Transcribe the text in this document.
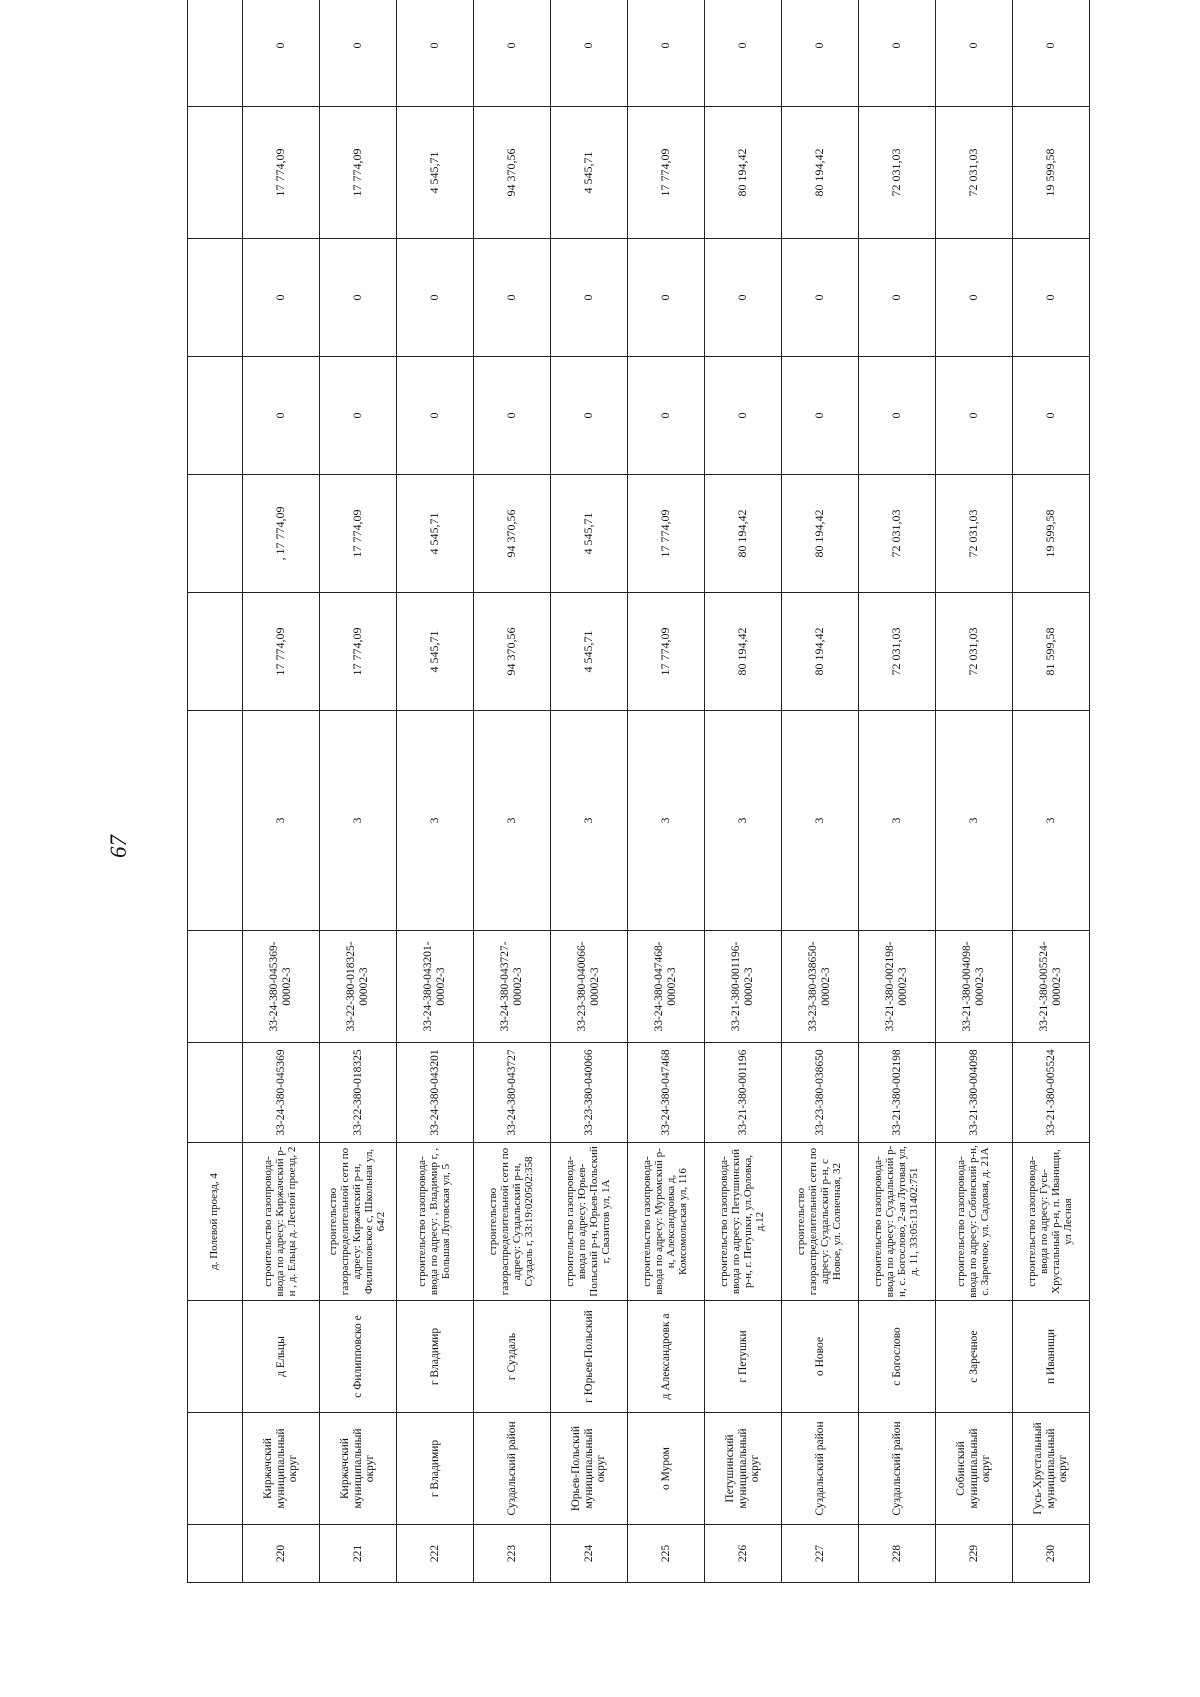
67
			д. Полевой проезд, 4									
220	Киржачский муниципальный округ	д Ельцы	строительство газопровода-ввода по адресу: Киржачский р-н , д. Ельцы д. Лесной проезд, 2	33-24-380-045369	33-24-380-045369-00002-3	3	17 774,09	, 17 774,09	0	0	17 774,09	0
221	Киржачский муниципальный округ	с Филипповско е	строительство газораспределительной сети по адресу: Киржачский р-н, Филипповское с, Школьная ул, 64/2	33-22-380-018325	33-22-380-018325-00002-3	3	17 774,09	17 774,09	0	0	17 774,09	0
222	г Владимир	г Владимир	строительство газопровода-ввода по адресу: , Владимир г, , Большая Луговская ул, 5	33-24-380-043201	33-24-380-043201-00002-3	3	4 545,71	4 545,71	0	0	4 545,71	0
223	Суздальский район	г Суздаль	строительство газораспределительной сети по адресу: Суздальский р-н, Суздаль г, 33:19:020502:358	33-24-380-043727	33-24-380-043727-00002-3	3	94 370,56	94 370,56	0	0	94 370,56	0
224	Юрьев-Польский муниципальный округ	г Юрьев-Польский	строительство газопровода-ввода по адресу: Юрьев-Польский р-н, Юрьев-Польский г, Свазитов ул, 1А	33-23-380-040066	33-23-380-040066-00002-3	3	4 545,71	4 545,71	0	0	4 545,71	0
225	о Муром	д Александровк а	строительство газопровода-ввода по адресу: Муромский р-н, Александровка д, Комсомольская ул, 116	33-24-380-047468	33-24-380-047468-00002-3	3	17 774,09	17 774,09	0	0	17 774,09	0
226	Петушинский муниципальный округ	г Петушки	строительство газопровода-ввода по адресу: Петушинский р-н, г. Петушки, ул.Орловка, д.12	33-21-380-001196	33-21-380-001196-00002-3	3	80 194,42	80 194,42	0	0	80 194,42	0
227	Суздальский район	о Новое	строительство газораспределительной сети по адресу: Суздальский р-н, с Новое, ул. Солнечная, 32	33-23-380-038650	33-23-380-038650-00002-3	3	80 194,42	80 194,42	0	0	80 194,42	0
228	Суздальский район	с Богослово	строительство газопровода-ввода по адресу: Суздальский р-н, с. Богослово, 2-ая Луговая ул, д. 11, 33:05:131402:751	33-21-380-002198	33-21-380-002198-00002-3	3	72 031,03	72 031,03	0	0	72 031,03	0
229	Собинский муниципальный округ	с Заречное	строительство газопровода-ввода по адресу: Собинский р-н, с. Заречное, ул. Садовая, д. 21А	33-21-380-004098	33-21-380-004098-00002-3	3	72 031,03	72 031,03	0	0	72 031,03	0
230	Гусь-Хрустальный муниципальный округ	п Иванищи	строительство газопровода-ввода по адресу: Гусь-Хрустальный р-н, п. Иванищи, ул Лесная	33-21-380-005524	33-21-380-005524-00002-3	3	81 599,58	19 599,58	0	0	19 599,58	0
